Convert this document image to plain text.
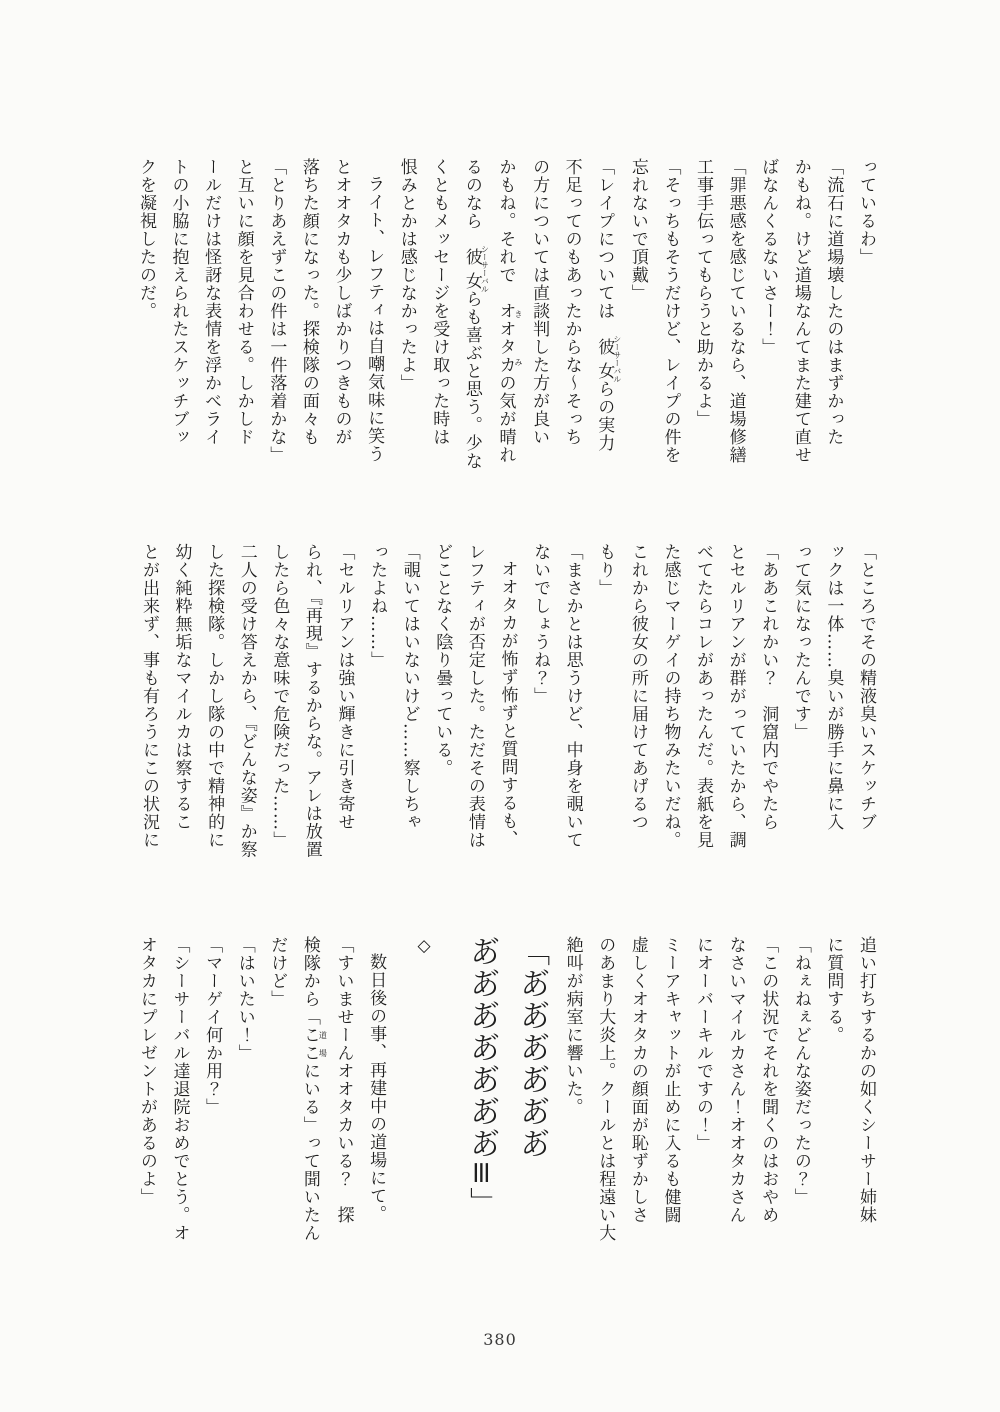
っているわ」

「流石に道場壊したのはまずかった

かもね。けど道場なんてまた建て直せ

ばなんくるないさー！」

「罪悪感を感じているなら、道場修繕

工事手伝ってもらうと助かるよ」

「そっちもそうだけど、レイプの件を

忘れないで頂戴」

「レイプについては　彼女シーサーバルらの実力

不足ってのもあったからな～そっち

の方については直談判した方が良い

かもね。それで　オオタカきみの気が晴れ

るのなら　彼女シーサーバルらも喜ぶと思う。少な

くともメッセージを受け取った時は

恨みとかは感じなかったよ」

ライト、レフティは自嘲気味に笑う

とオオタカも少しばかりつきものが

落ちた顔になった。探検隊の面々も

「とりあえずこの件は一件落着かな」

と互いに顔を見合わせる。しかしド

ールだけは怪訝な表情を浮かべライ

トの小脇に抱えられたスケッチブッ

クを凝視したのだ。

「ところでその精液臭いスケッチブ

ックは一体……臭いが勝手に鼻に入

って気になったんです」

「ああこれかい？　洞窟内でやたら

とセルリアンが群がっていたから、調

べてたらコレがあったんだ。表紙を見

た感じマーゲイの持ち物みたいだね。

これから彼女の所に届けてあげるつ

もり」

「まさかとは思うけど、中身を覗いて

ないでしょうね？」

オオタカが怖ず怖ずと質問するも、

レフティが否定した。ただその表情は

どことなく陰り曇っている。

「覗いてはいないけど……察しちゃ

ったよね……」

「セルリアンは強い輝きに引き寄せ

られ、『再現』するからな。アレは放置

したら色々な意味で危険だった……」

二人の受け答えから、『どんな姿』か察

した探検隊。しかし隊の中で精神的に

幼く純粋無垢なマイルカは察するこ

とが出来ず、事も有ろうにこの状況に

追い打ちするかの如くシーサー姉妹

に質問する。

「ねぇねぇどんな姿だったの？」

「この状況でそれを聞くのはおやめ

なさいマイルカさん！オオタカさん

にオーバーキルですの！」

ミーアキャットが止めに入るも健闘

虚しくオオタカの顔面が恥ずかしさ

のあまり大炎上。クールとは程遠い大

絶叫が病室に響いた。

「あ゙あ゙あ゙あ゙あ゙あ゙

あ゙あ゙あ゙あ゙あ゙あ゙あ゙≡」

◇

数日後の事、再建中の道場にて。

「すいませーんオオタカいる？　探

検隊から「ここ道場にいる」って聞いたん

だけど」

「はいたい！」

「マーゲイ何か用？」

「シーサーバル達退院おめでとう。オ

オタカにプレゼントがあるのよ」

380
